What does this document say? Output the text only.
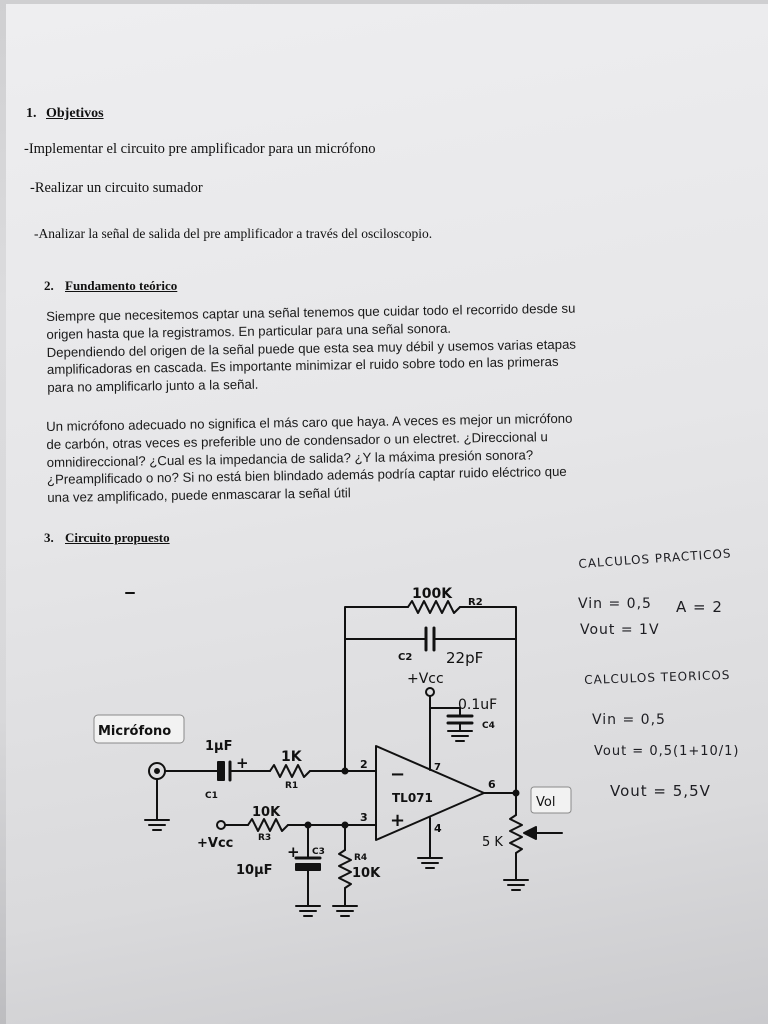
1. Objetivos
-Implementar el circuito pre amplificador para un micrófono
-Realizar un circuito sumador
-Analizar la señal de salida del pre amplificador a través del osciloscopio.
2. Fundamento teórico
Siempre que necesitemos captar una señal tenemos que cuidar todo el recorrido desde su
origen hasta que la registramos. En particular para una señal sonora.
Dependiendo del origen de la señal puede que esta sea muy débil y usemos varias etapas
amplificadoras en cascada. Es importante minimizar el ruido sobre todo en las primeras
para no amplificarlo junto a la señal.
Un micrófono adecuado no significa el más caro que haya. A veces es mejor un micrófono
de carbón, otras veces es preferible uno de condensador o un electret. ¿Direccional u
omnidireccional? ¿Cual es la impedancia de salida? ¿Y la máxima presión sonora?
¿Preamplificado o no? Si no está bien blindado además podría captar ruido eléctrico que
una vez amplificado, puede enmascarar la señal útil
3. Circuito propuesto
100K
R2
C2 22pF
+Vcc
0.1uF
C4
Micrófono
1µF
C1
+ 1K
R1
10K
R3
+Vcc	+ C3
10µF
R4
10K
TL071
2
3
4
7
6
−
+
5 K
Vol
CALCULOS PRACTICOS
Vin = 0,5 A = 2
Vout = 1V
CALCULOS TEORICOS
Vin = 0,5
Vout = 0,5(1+10/1)
Vout = 5,5V
